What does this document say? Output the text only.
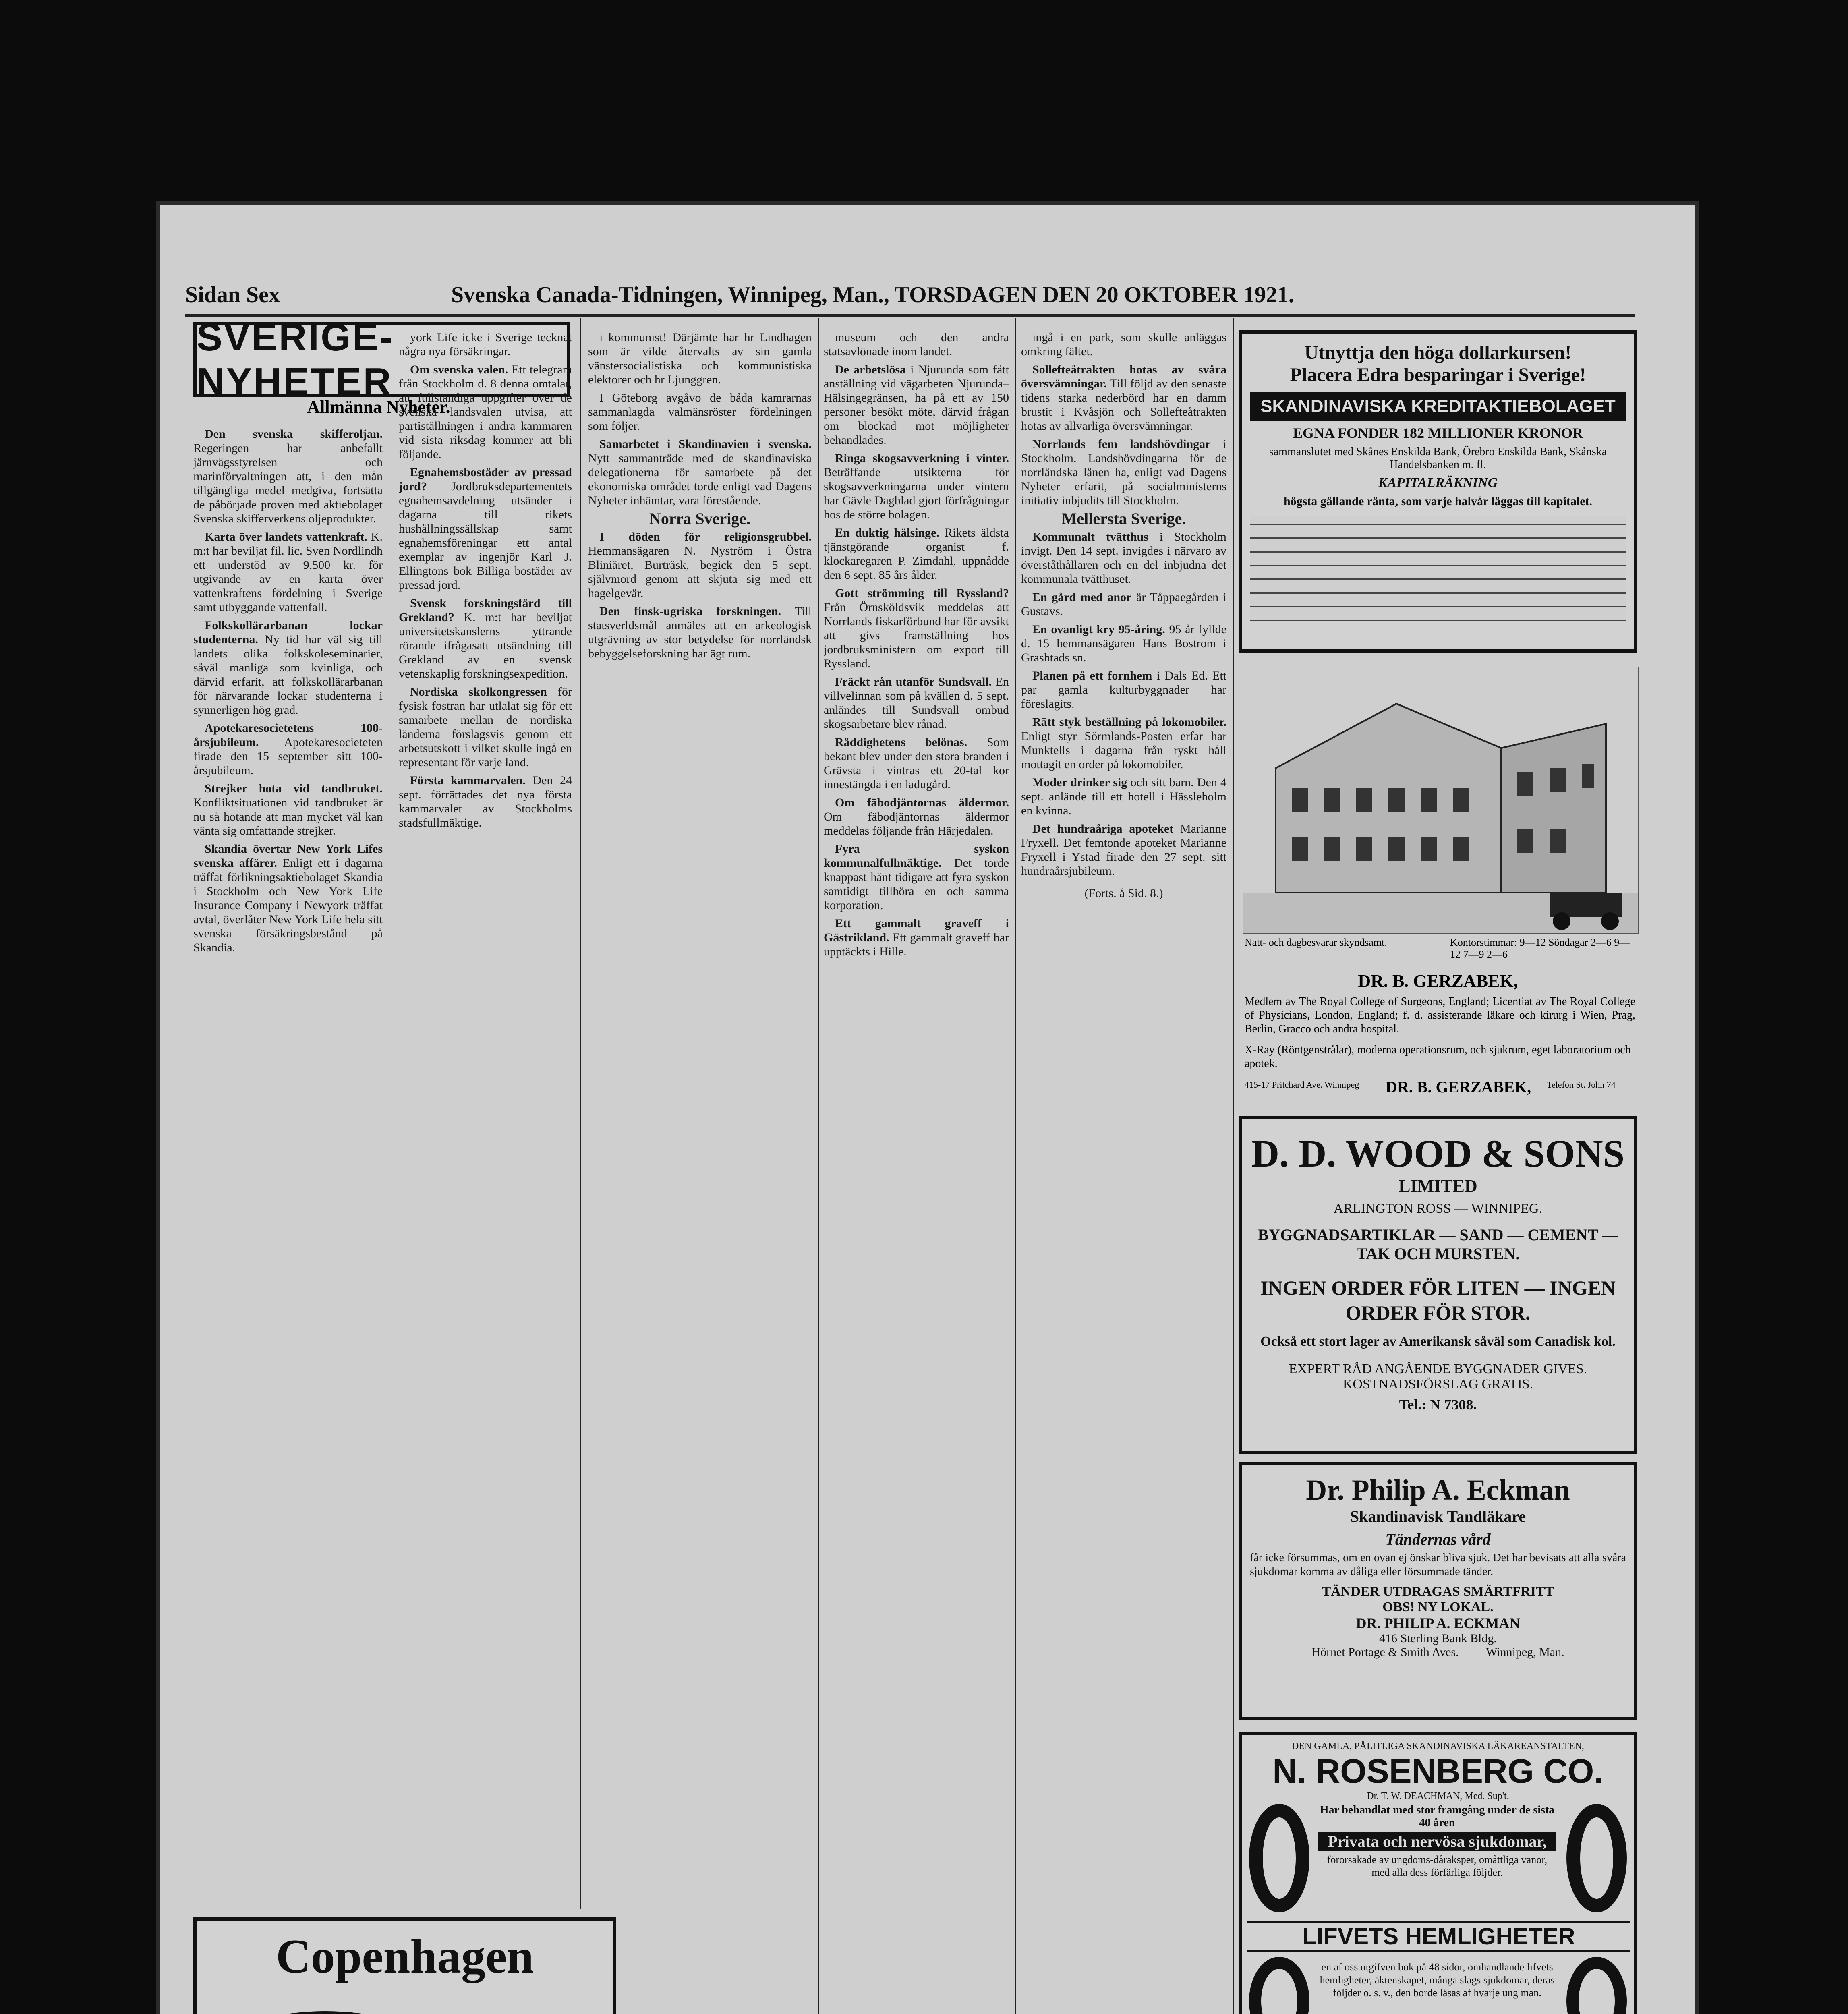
Sidan Sex	Svenska Canada-Tidningen, Winnipeg, Man., TORSDAGEN DEN 20 OKTOBER 1921.
SVERIGE-NYHETER
Allmänna Nyheter.

Den svenska skifferoljan. Regeringen har anbefallt järnvägsstyrelsen och marinförvaltningen att, i den mån tillgängliga medel medgiva, fortsätta de påbörjade proven med aktiebolaget Svenska skifferverkens oljeprodukter.

Karta över landets vattenkraft. K. m:t har beviljat fil. lic. Sven Nordlindh ett understöd av 9,500 kr. för utgivande av en karta över vattenkraftens fördelning i Sverige samt utbyggande vattenfall.

Folkskollärarbanan lockar studenterna. Ny tid har väl sig till landets olika folkskoleseminarier, såväl manliga som kvinliga, och därvid erfarit, att folkskollärarbanan för närvarande lockar studenterna i synnerligen hög grad.

Apotekaresocietetens 100-årsjubileum. Apotekaresocieteten firade den 15 september sitt 100-årsjubileum.

Strejker hota vid tandbruket. Konfliktsituationen vid tandbruket är nu så hotande att man mycket väl kan vänta sig omfattande strejker.

Skandia övertar New York Lifes svenska affärer. Enligt ett i dagarna träffat förlikningsaktiebolaget Skandia i Stockholm och New York Life Insurance Company i Newyork träffat avtal, överlåter New York Life hela sitt svenska försäkringsbestånd på Skandia.

york Life icke i Sverige tecknat några nya försäkringar.

Om svenska valen. Ett telegram från Stockholm d. 8 denna omtalar, att fullständiga uppgifter över de svenska landsvalen utvisa, att partiställningen i andra kammaren vid sista riksdag kommer att bli följande.

Egnahemsbostäder av pressad jord? Jordbruksdepartementets egnahemsavdelning utsänder i dagarna till rikets hushållningssällskap samt egnahemsföreningar ett antal exemplar av ingenjör Karl J. Ellingtons bok Billiga bostäder av pressad jord.

Svensk forskningsfärd till Grekland? K. m:t har beviljat universitetskanslerns yttrande rörande ifrågasatt utsändning till Grekland av en svensk vetenskaplig forskningsexpedition.

Nordiska skolkongressen för fysisk fostran har utlalat sig för ett samarbete mellan de nordiska länderna förslagsvis genom ett arbetsutskott i vilket skulle ingå en representant för varje land.

Första kammarvalen. Den 24 sept. förrättades det nya första kammarvalet av Stockholms stadsfullmäktige.

Copenhagen

i kommunist! Därjämte har hr Lindhagen som är vilde återvalts av sin gamla vänstersocialistiska och kommunistiska elektorer och hr Ljunggren.

I Göteborg avgåvo de båda kamrarnas sammanlagda valmänsröster fördelningen som följer.

Samarbetet i Skandinavien i svenska. Nytt sammanträde med de skandinaviska delegationerna för samarbete på det ekonomiska området torde enligt vad Dagens Nyheter inhämtar, vara förestående.

Norra Sverige.

I döden för religionsgrubbel. Hemmansägaren N. Nyström i Östra Bliniäret, Burträsk, begick den 5 sept. självmord genom att skjuta sig med ett hagelgevär.

Den finsk-ugriska forskningen. Till statsverldsmål anmäles att en arkeologisk utgrävning av stor betydelse för norrländsk bebyggelseforskning har ägt rum.

museum och den andra statsavlönade inom landet.

De arbetslösa i Njurunda som fått anställning vid vägarbeten Njurunda–Hälsingegränsen, ha på ett av 150 personer besökt möte, därvid frågan om blockad mot möjligheter behandlades.

Ringa skogsavverkning i vinter. Beträffande utsikterna för skogsavverkningarna under vintern har Gävle Dagblad gjort förfrågningar hos de större bolagen.

En duktig hälsinge. Rikets äldsta tjänstgörande organist f. klockaregaren P. Zimdahl, uppnådde den 6 sept. 85 års ålder.

Gott strömming till Ryssland? Från Örnsköldsvik meddelas att Norrlands fiskarförbund har för avsikt att givs framställning hos jordbruksministern om export till Ryssland.

Fräckt rån utanför Sundsvall. En villvelinnan som på kvällen d. 5 sept. anländes till Sundsvall ombud skogsarbetare blev rånad.

Räddighetens belönas. Som bekant blev under den stora branden i Grävsta i vintras ett 20-tal kor innestängda i en ladugård.

Om fäbodjäntornas äldermor. Om fäbodjäntornas äldermor meddelas följande från Härjedalen.

Fyra syskon kommunalfullmäktige. Det torde knappast hänt tidigare att fyra syskon samtidigt tillhöra en och samma korporation.

Ett gammalt graveff i Gästrikland. Ett gammalt graveff har upptäckts i Hille.

ingå i en park, som skulle anläggas omkring fältet.

Sollefteåtrakten hotas av svåra översvämningar. Till följd av den senaste tidens starka nederbörd har en damm brustit i Kvåsjön och Sollefteåtrakten hotas av allvarliga översvämningar.

Norrlands fem landshövdingar i Stockholm. Landshövdingarna för de norrländska länen ha, enligt vad Dagens Nyheter erfarit, på socialministerns initiativ inbjudits till Stockholm.

Mellersta Sverige.

Kommunalt tvätthus i Stockholm invigt. Den 14 sept. invigdes i närvaro av överståthållaren och en del inbjudna det kommunala tvätthuset.

En gård med anor är Tåppaegården i Gustavs.

En ovanligt kry 95-åring. 95 år fyllde d. 15 hemmansägaren Hans Bostrom i Grashtads sn.

Planen på ett fornhem i Dals Ed. Ett par gamla kulturbyggnader har föreslagits.

Rätt styk beställning på lokomobiler. Enligt styr Sörmlands-Posten erfar har Munktells i dagarna från ryskt håll mottagit en order på lokomobiler.

Moder drinker sig och sitt barn. Den 4 sept. anlände till ett hotell i Hässleholm en kvinna.

Det hundraåriga apoteket Marianne Fryxell. Det femtonde apoteket Marianne Fryxell i Ystad firade den 27 sept. sitt hundraårsjubileum.

(Forts. å Sid. 8.)
Utnyttja den höga dollarkursen!
Placera Edra besparingar i Sverige!
SKANDINAVISKA KREDITAKTIEBOLAGET
EGNA FONDER 182 MILLIONER KRONOR
sammanslutet med Skånes Enskilda Bank, Örebro Enskilda Bank, Skånska Handelsbanken m. fl.
KAPITALRÄKNING
högsta gällande ränta, som varje halvår läggas till kapitalet.
Natt- och dagbesvarar skyndsamt.	Kontorstimmar: 9—12 Söndagar 2—6 9—12 7—9 2—6
DR. B. GERZABEK,
Medlem av The Royal College of Surgeons, England; Licentiat av The Royal College of Physicians, London, England; f. d. assisterande läkare och kirurg i Wien, Prag, Berlin, Gracco och andra hospital.
X-Ray (Röntgenstrålar), moderna operationsrum, och sjukrum, eget laboratorium och apotek.
415-17 Pritchard Ave. Winnipeg	DR. B. GERZABEK,	Telefon St. John 74
D. D. WOOD & SONS
LIMITED
ARLINGTON ROSS — WINNIPEG.
BYGGNADSARTIKLAR — SAND — CEMENT — TAK OCH MURSTEN.
INGEN ORDER FÖR LITEN — INGEN ORDER FÖR STOR.
Också ett stort lager av Amerikansk såväl som Canadisk kol.
EXPERT RÅD ANGÅENDE BYGGNADER GIVES.
KOSTNADSFÖRSLAG GRATIS.
Tel.: N 7308.
Dr. Philip A. Eckman
Skandinavisk Tandläkare
Tändernas vård
får icke försummas, om en ovan ej önskar bliva sjuk. Det har bevisats att alla svåra sjukdomar komma av dåliga eller försummade tänder.
TÄNDER UTDRAGAS SMÄRTFRITT
OBS! NY LOKAL.
DR. PHILIP A. ECKMAN
416 Sterling Bank Bldg.
Hörnet Portage & Smith Aves. Winnipeg, Man.
DEN GAMLA, PÅLITLIGA SKANDINAVISKA LÄKAREANSTALTEN,
N. ROSENBERG CO.
Dr. T. W. DEACHMAN, Med. Sup't.
Har behandlat med stor framgång under de sista 40 åren
Privata och nervösa sjukdomar,
förorsakade av ungdoms-dåraksper, omåttliga vanor, med alla dess förfärliga följder.
LIFVETS HEMLIGHETER
en af oss utgifven bok på 48 sidor, omhandlande lifvets hemligheter, äktenskapet, många slags sjukdomar, deras följder o. s. v., den borde läsas af hvarje ung man.
